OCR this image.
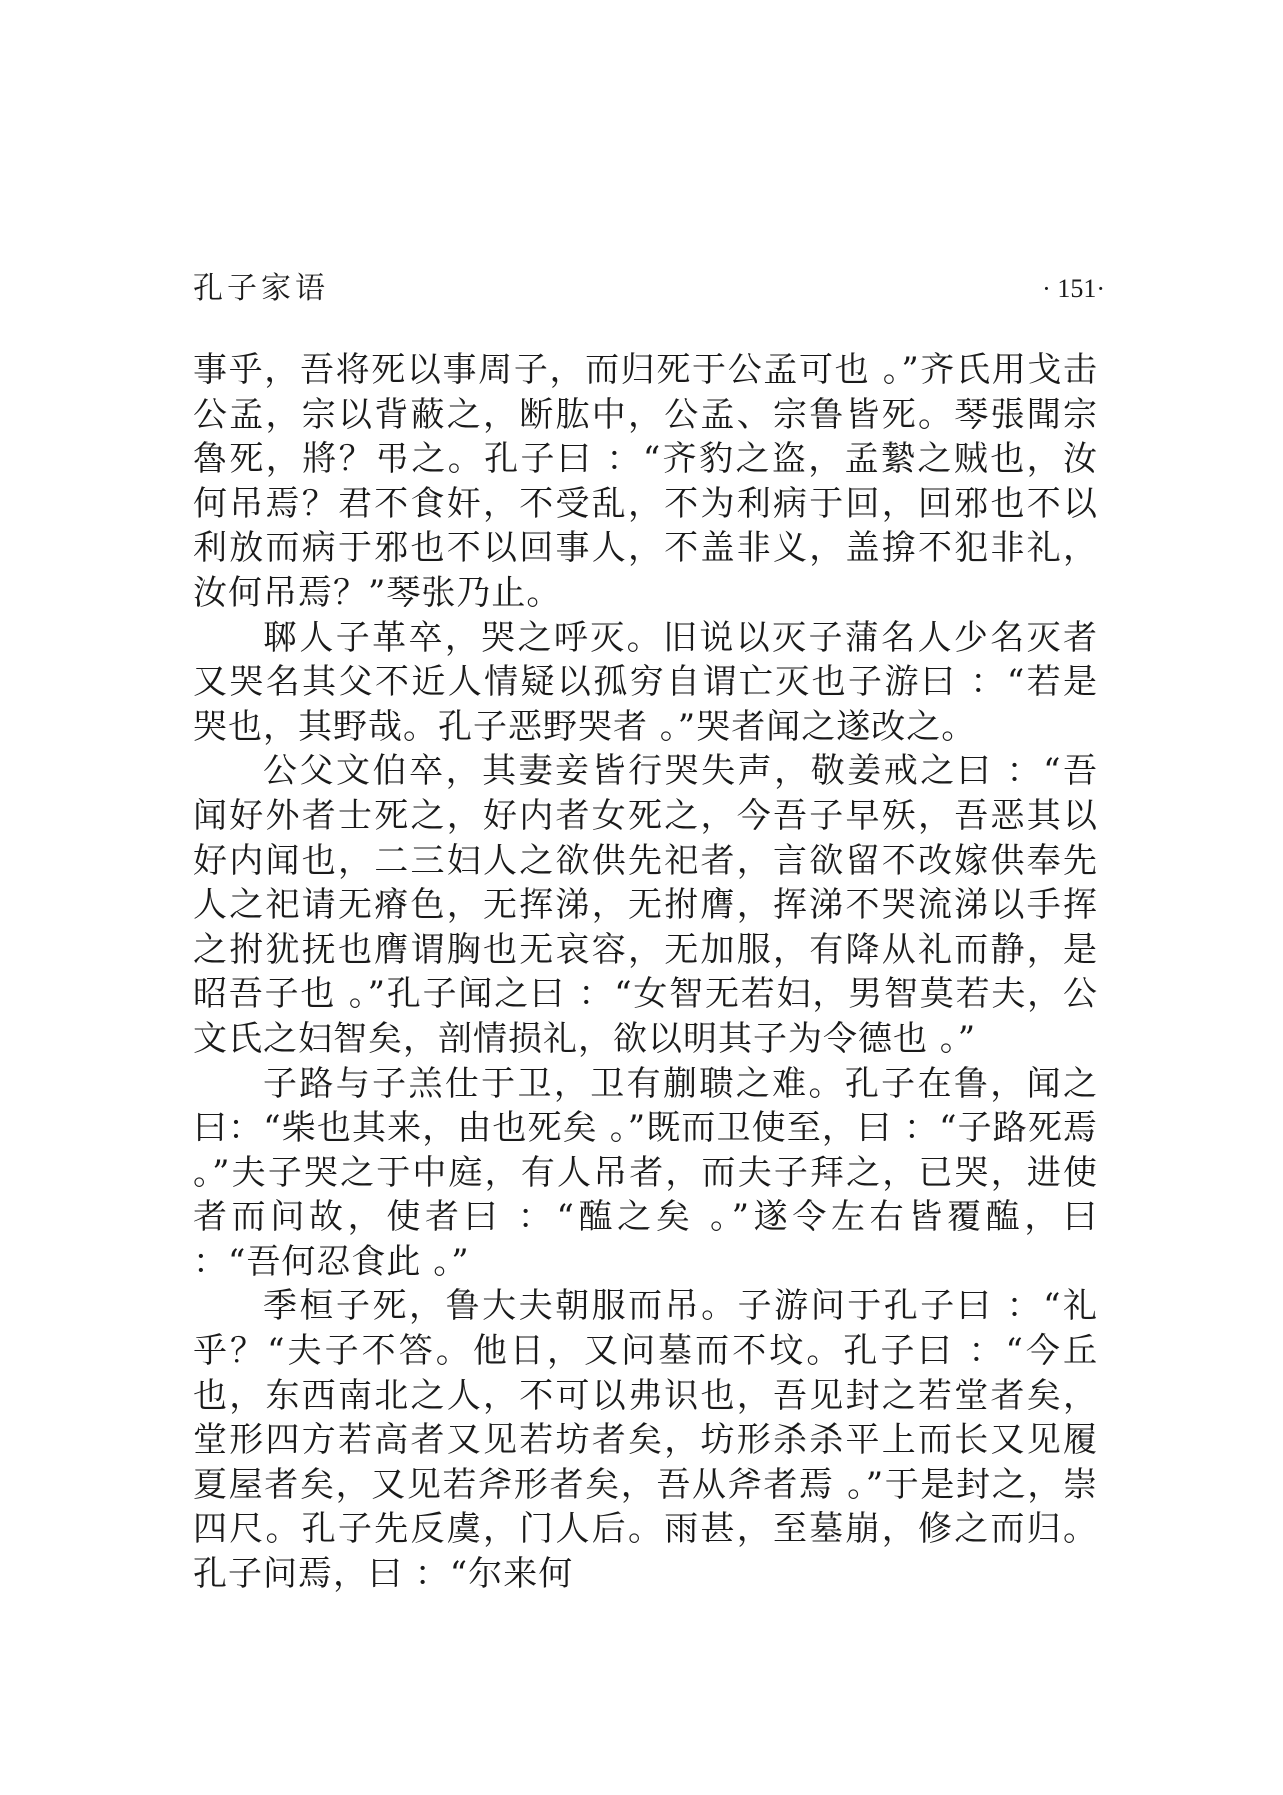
孔子家语	· 151·

事乎，吾将死以事周子，而归死于公孟可也 。”齐氏用戈击公孟，宗以背蔽之，断肱中，公孟、宗鲁皆死。琴張聞宗魯死，將？弔之。孔子曰 ：“齐豹之盗，孟縶之贼也，汝何吊焉？君不食奸，不受乱，不为利病于回，回邪也不以利放而病于邪也不以回事人，不盖非义，盖揜不犯非礼，汝何吊焉？”琴张乃止。

郰人子革卒，哭之呼灭。旧说以灭子蒲名人少名灭者又哭名其父不近人情疑以孤穷自谓亡灭也子游曰 ：“若是哭也，其野哉。孔子恶野哭者 。”哭者闻之遂改之。

公父文伯卒，其妻妾皆行哭失声，敬姜戒之曰 ：“吾闻好外者士死之，好内者女死之，今吾子早殀，吾恶其以好内闻也，二三妇人之欲供先祀者，言欲留不改嫁供奉先人之祀请无瘠色，无挥涕，无拊膺，挥涕不哭流涕以手挥之拊犹抚也膺谓胸也无哀容，无加服，有降从礼而静，是昭吾子也 。”孔子闻之曰 ：“女智无若妇，男智莫若夫，公文氏之妇智矣，剖情损礼，欲以明其子为令德也 。”

子路与子羔仕于卫，卫有蒯聩之难。孔子在鲁，闻之曰：“柴也其来，由也死矣 。”既而卫使至，曰 ：“子路死焉 。”夫子哭之于中庭，有人吊者，而夫子拜之，已哭，进使者而问故，使者曰 ：“醢之矣 。”遂令左右皆覆醢，曰 ：“吾何忍食此 。”

季桓子死，鲁大夫朝服而吊。子游问于孔子曰 ：“礼乎？“夫子不答。他日，又问墓而不坟。孔子曰 ：“今丘也，东西南北之人，不可以弗识也，吾见封之若堂者矣，堂形四方若高者又见若坊者矣，坊形杀杀平上而长又见履夏屋者矣，又见若斧形者矣，吾从斧者焉 。”于是封之，崇四尺。孔子先反虞，门人后。雨甚，至墓崩，修之而归。孔子问焉，曰 ：“尔来何
